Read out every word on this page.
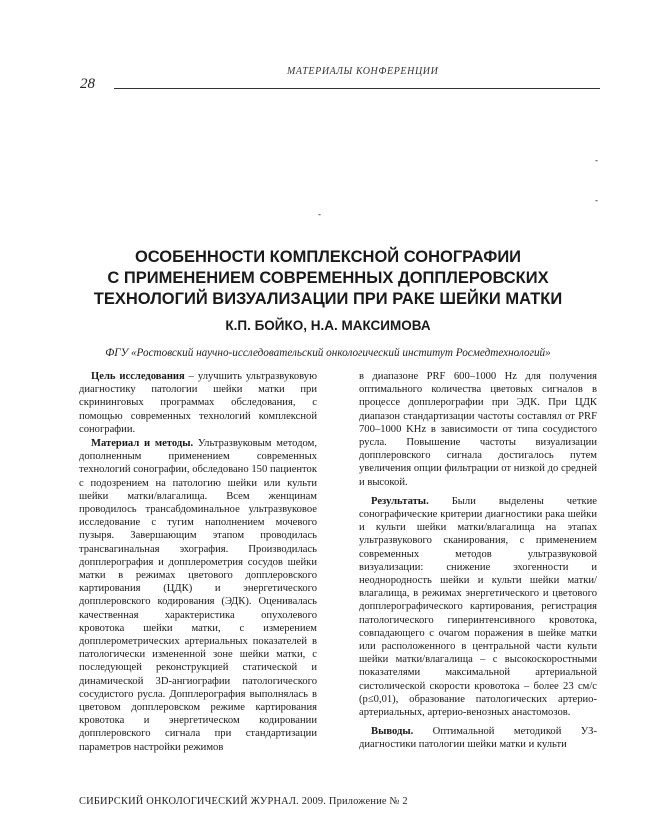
МАТЕРИАЛЫ КОНФЕРЕНЦИИ
28
-
-
-
ОСОБЕННОСТИ КОМПЛЕКСНОЙ СОНОГРАФИИ
С ПРИМЕНЕНИЕМ СОВРЕМЕННЫХ ДОППЛЕРОВСКИХ
ТЕХНОЛОГИЙ ВИЗУАЛИЗАЦИИ ПРИ РАКЕ ШЕЙКИ МАТКИ
К.П. БОЙКО, Н.А. МАКСИМОВА
ФГУ «Ростовский научно-исследовательский онкологический институт Росмедтехнологий»

Цель исследования – улучшить ультразвуковую диагностику патологии шейки матки при скрининговых программах обследования, с помощью современных технологий комплексной сонографии.

Материал и методы. Ультразвуковым методом, дополненным применением современных технологий сонографии, обследовано 150 пациенток с подозрением на патологию шейки или культи шейки матки/влагалища. Всем женщинам проводилось трансабдоминальное ультразвуковое исследование с тугим наполнением мочевого пузыря. Завершающим этапом проводилась трансвагинальная эхография. Производилась допплерография и допплерометрия сосудов шейки матки в режимах цветового допплеровского картирования (ЦДК) и энергетического допплеровского кодирования (ЭДК). Оценивалась качественная характеристика опухолевого кровотока шейки матки, с измерением допплерометрических артериальных показателей в патологически измененной зоне шейки матки, с последующей реконструкцией статической и динамической 3D-ангиографии патологического сосудистого русла. Допплерография выполнялась в цветовом допплеровском режиме картирования кровотока и энергетическом кодировании допплеровского сигнала при стандартизации параметров настройки режимов

в диапазоне PRF 600–1000 Hz для получения оптимального количества цветовых сигналов в процессе допплерографии при ЭДК. При ЦДК диапазон стандартизации частоты составлял от PRF 700–1000 KHz в зависимости от типа сосудистого русла. Повышение частоты визуализации допплеровского сигнала достигалось путем увеличения опции фильтрации от низкой до средней и высокой.

Результаты. Были выделены четкие сонографические критерии диагностики рака шейки и культи шейки матки/влагалища на этапах ультразвукового сканирования, с применением современных методов ультразвуковой визуализации: снижение эхогенности и неоднородность шейки и культи шейки матки/влагалища, в режимах энергетического и цветового допплерографического картирования, регистрация патологического гиперинтенсивного кровотока, совпадающего с очагом поражения в шейке матки или расположенного в центральной части культи шейки матки/влагалища – с высокоскоростными показателями максимальной артериальной систолической скорости кровотока – более 23 см/с (p≤0,01), образование патологических артерио-артериальных, артерио-венозных анастомозов.

Выводы. Оптимальной методикой УЗ-диагностики патологии шейки матки и культи

СИБИРСКИЙ ОНКОЛОГИЧЕСКИЙ ЖУРНАЛ. 2009. Приложение № 2
